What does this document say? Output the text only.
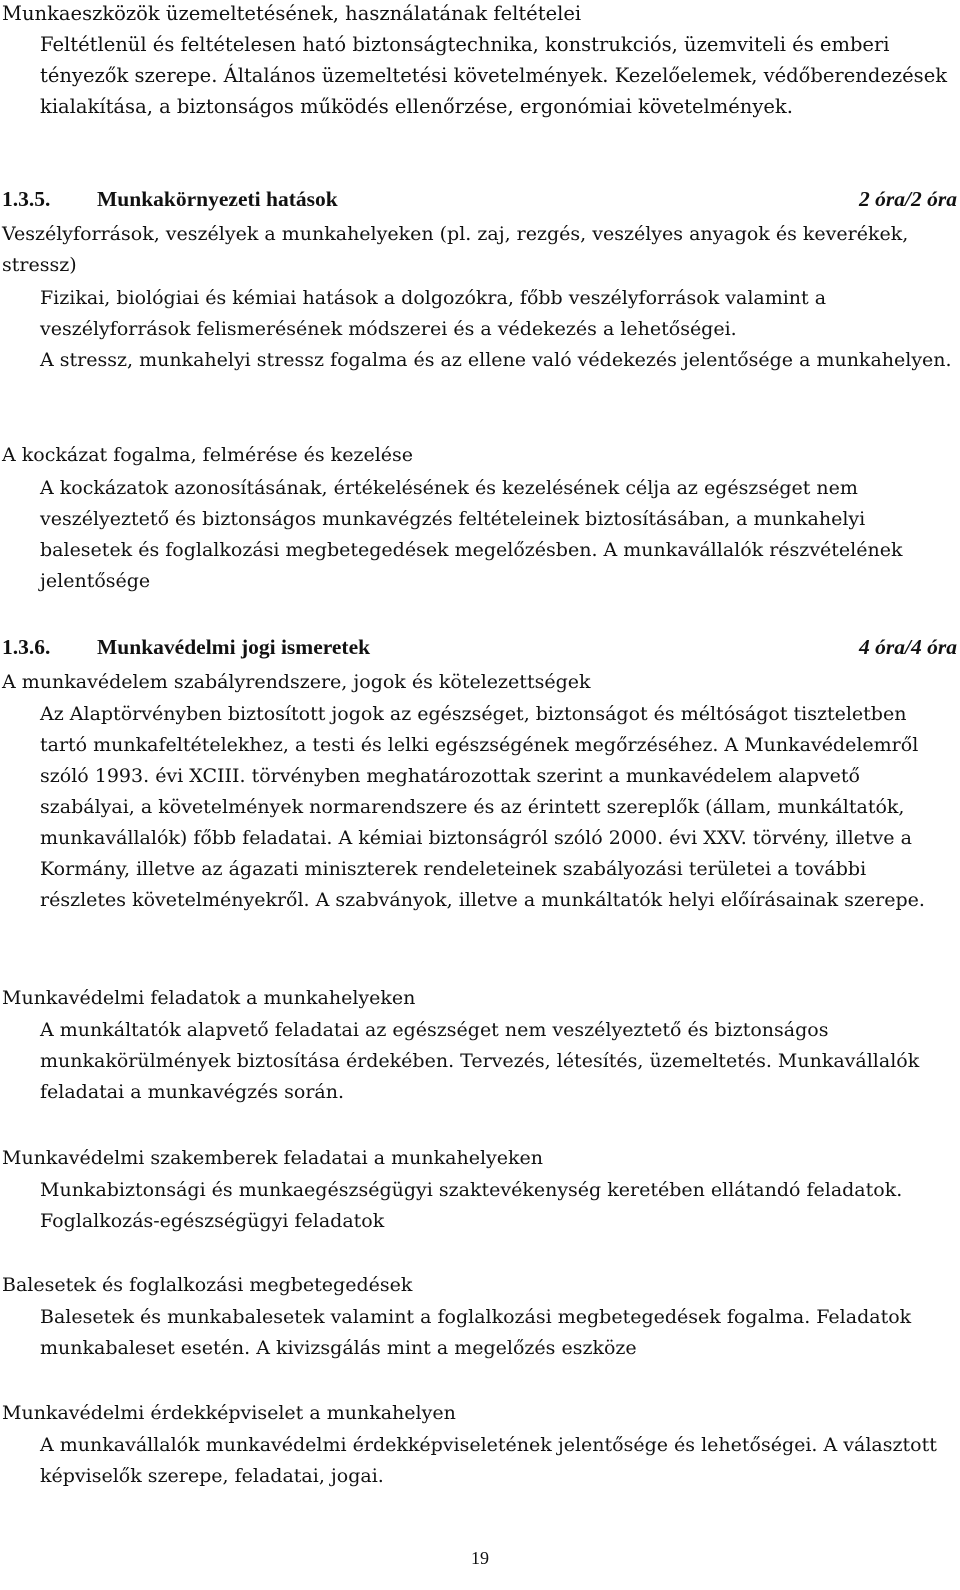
Munkaeszközök üzemeltetésének, használatának feltételei
Feltétlenül és feltételesen ható biztonságtechnika, konstrukciós, üzemviteli és emberi tényezők szerepe. Általános üzemeltetési követelmények. Kezelőelemek, védőberendezések kialakítása, a biztonságos működés ellenőrzése, ergonómiai követelmények.
1.3.5. Munkakörnyezeti hatások	2 óra/2 óra
Veszélyforrások, veszélyek a munkahelyeken (pl. zaj, rezgés, veszélyes anyagok és keverékek, stressz)
Fizikai, biológiai és kémiai hatások a dolgozókra, főbb veszélyforrások valamint a veszélyforrások felismerésének módszerei és a védekezés a lehetőségei.
A stressz, munkahelyi stressz fogalma és az ellene való védekezés jelentősége a munkahelyen.
A kockázat fogalma, felmérése és kezelése
A kockázatok azonosításának, értékelésének és kezelésének célja az egészséget nem veszélyeztető és biztonságos munkavégzés feltételeinek biztosításában, a munkahelyi balesetek és foglalkozási megbetegedések megelőzésben. A munkavállalók részvételének jelentősége
1.3.6. Munkavédelmi jogi ismeretek	4 óra/4 óra
A munkavédelem szabályrendszere, jogok és kötelezettségek
Az Alaptörvényben biztosított jogok az egészséget, biztonságot és méltóságot tiszteletben tartó munkafeltételekhez, a testi és lelki egészségének megőrzéséhez. A Munkavédelemről szóló 1993. évi XCIII. törvényben meghatározottak szerint a munkavédelem alapvető szabályai, a követelmények normarendszere és az érintett szereplők (állam, munkáltatók, munkavállalók) főbb feladatai. A kémiai biztonságról szóló 2000. évi XXV. törvény, illetve a Kormány, illetve az ágazati miniszterek rendeleteinek szabályozási területei a további részletes követelményekről. A szabványok, illetve a munkáltatók helyi előírásainak szerepe.
Munkavédelmi feladatok a munkahelyeken
A munkáltatók alapvető feladatai az egészséget nem veszélyeztető és biztonságos munkakörülmények biztosítása érdekében. Tervezés, létesítés, üzemeltetés. Munkavállalók feladatai a munkavégzés során.
Munkavédelmi szakemberek feladatai a munkahelyeken
Munkabiztonsági és munkaegészségügyi szaktevékenység keretében ellátandó feladatok. Foglalkozás-egészségügyi feladatok
Balesetek és foglalkozási megbetegedések
Balesetek és munkabalesetek valamint a foglalkozási megbetegedések fogalma. Feladatok munkabaleset esetén. A kivizsgálás mint a megelőzés eszköze
Munkavédelmi érdekképviselet a munkahelyen
A munkavállalók munkavédelmi érdekképviseletének jelentősége és lehetőségei. A választott képviselők szerepe, feladatai, jogai.
19
